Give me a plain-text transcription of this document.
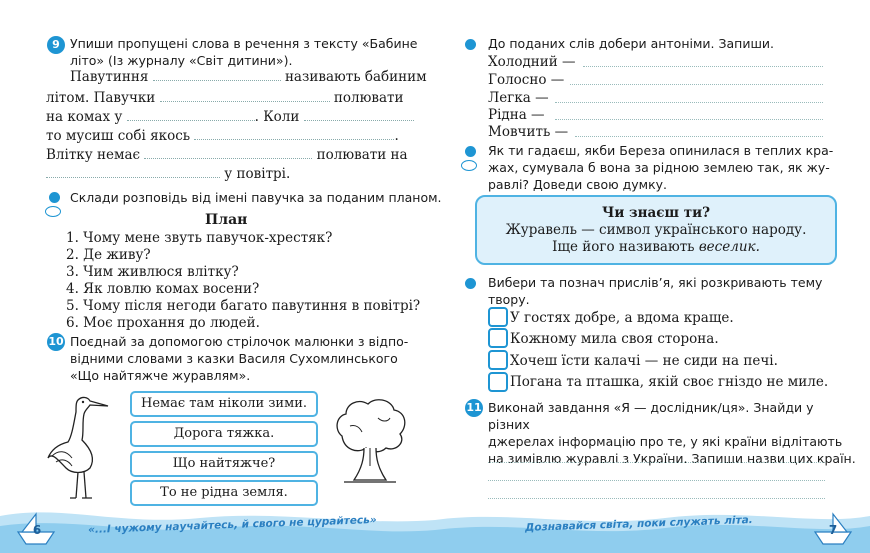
9 Упиши пропущені слова в речення з тексту «Бабине
літо» (Із журналу «Світ дитини»).
Павутиння	називають бабиним
літом. Павучки	полювати
на комах у	. Коли
то мусиш собі якось	.
Влітку немає	полювати на
у повітрі.
Склади розповідь від імені павучка за поданим планом.
План
1. Чому мене звуть павучок-хрестяк?
2. Де живу?
3. Чим живлюся влітку?
4. Як ловлю комах восени?
5. Чому після негоди багато павутиння в повітрі?
6. Моє прохання до людей.
10 Поєднай за допомогою стрілочок малюнки з відпо-
відними словами з казки Василя Сухомлинського
«Що найтяжче журавлям».
Немає там ніколи зими.
Дорога тяжка.
Що найтяжче?
То не рідна земля.
6	«...І чужому научайтесь, й свого не цурайтесь»
До поданих слів добери антоніми. Запиши.
Холодний —
Голосно —
Легка —
Рідна —
Мовчить —
Як ти гадаєш, якби Береза опинилася в теплих кра-
жах, сумувала б вона за рідною землею так, як жу-
равлі? Доведи свою думку.
Чи знаєш ти?
Журавель — символ українського народу.
Іще його називають веселик.
Вибери та познач прислів’я, які розкривають тему
твору.
У гостях добре, а вдома краще.
Кожному мила своя сторона.
Хочеш їсти калачі — не сиди на печі.
Погана та пташка, якій своє гніздо не миле.
11 Виконай завдання «Я — дослідник/ця». Знайди у різних
джерелах інформацію про те, у які країни відлітають
на зимівлю журавлі з України. Запиши назви цих країн.
Дознавайся світа, поки служать літа.	7
